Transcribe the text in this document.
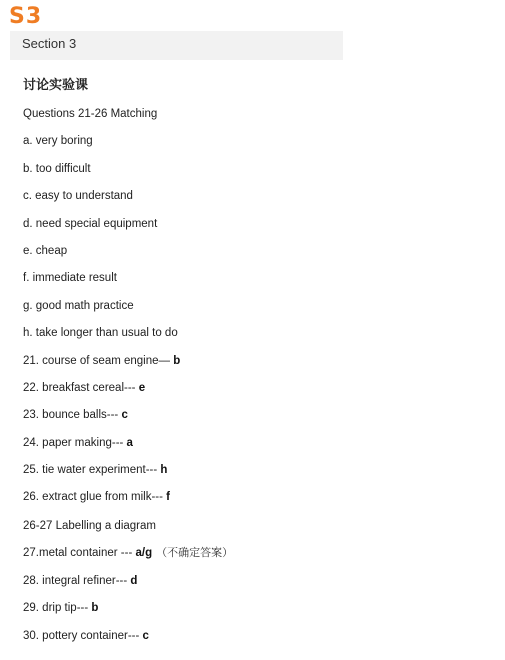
S3
Section 3
讨论实验课
Questions 21-26 Matching
a. very boring
b. too difficult
c. easy to understand
d. need special equipment
e. cheap
f. immediate result
g. good math practice
h. take longer than usual to do
21. course of seam engine— b
22. breakfast cereal--- e
23. bounce balls--- c
24. paper making--- a
25. tie water experiment--- h
26. extract glue from milk--- f
26-27 Labelling a diagram
27.metal container --- a/g （不确定答案）
28. integral refiner--- d
29. drip tip--- b
30. pottery container--- c
